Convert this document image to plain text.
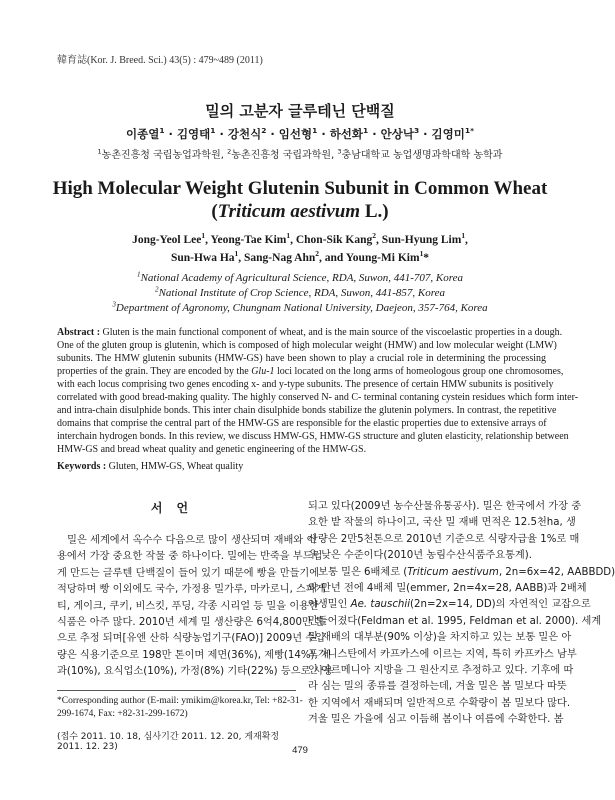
韓育誌(Kor. J. Breed. Sci.) 43(5) : 479~489 (2011)
밀의 고분자 글루테닌 단백질
이종열$^1$ · 김영태$^1$ · 강천식$^2$ · 임선형$^1$ · 하선화$^1$ · 안상낙$^3$ · 김영미$^{1*}$
$^1$농촌진흥청 국립농업과학원, $^2$농촌진흥청 국립과학원, $^3$충남대학교 농업생명과학대학 농학과
High Molecular Weight Glutenin Subunit in Common Wheat
(Triticum aestivum L.)
Jong-Yeol Lee$^1$, Yeong-Tae Kim$^1$, Chon-Sik Kang$^2$, Sun-Hyung Lim$^1$,
Sun-Hwa Ha$^1$, Sang-Nag Ahn$^2$, and Young-Mi Kim$^1$*
$^1$National Academy of Agricultural Science, RDA, Suwon, 441-707, Korea
$^2$National Institute of Crop Science, RDA, Suwon, 441-857, Korea
$^3$Department of Agronomy, Chungnam National University, Daejeon, 357-764, Korea
Abstract : Gluten is the main functional component of wheat, and is the main source of the viscoelastic properties in a dough.
One of the gluten group is glutenin, which is composed of high molecular weight (HMW) and low molecular weight (LMW)
subunits. The HMW glutenin subunits (HMW-GS) have been shown to play a crucial role in determining the processing
properties of the grain. They are encoded by the Glu-1 loci located on the long arms of homeologous group one chromosomes,
with each locus comprising two genes encoding x- and y-type subunits. The presence of certain HMW subunits is positively
correlated with good bread-making quality. The highly conserved N- and C- terminal contaning cystein residues which form inter-
and intra-chain disulphide bonds. This inter chain disulphide bonds stabilize the glutenin polymers. In contrast, the repetitive
domains that comprise the central part of the HMW-GS are responsible for the elastic properties due to extensive arrays of
interchain hydrogen bonds. In this review, we discuss HMW-GS, HMW-GS structure and gluten elasticity, relationship between
HMW-GS and bread wheat quality and genetic engineering of the HMW-GS.
Keywords : Gluten, HMW-GS, Wheat quality
서언
　밀은 세계에서 옥수수 다음으로 많이 생산되며 재배와 이
용에서 가장 중요한 작물 중 하나이다. 밀에는 반죽을 부드럽
게 만드는 글루텐 단백질이 들어 있기 때문에 빵을 만들기에
적당하며 빵 이외에도 국수, 가정용 밀가루, 마카로니, 스파게
티, 게이크, 쿠키, 비스킷, 푸딩, 각종 시리얼 등 밀을 이용한
식품은 아주 많다. 2010년 세계 밀 생산량은 6억4,800만 톤
으로 추정 되며[유엔 산하 식량농업기구(FAO)] 2009년 수입
량은 식용기준으로 198만 톤이며 제면(36%), 제빵(14%), 제
과(10%), 요식업소(10%), 가정(8%) 기타(22%) 등으로 사용
되고 있다(2009년 농수산물유통공사). 밀은 한국에서 가장 중
요한 밭 작물의 하나이고, 국산 밀 재배 면적은 12.5천ha, 생
산량은 2만5천톤으로 2010년 기준으로 식량자급율 1%로 매
우 낮은 수준이다(2010년 농림수산식품주요통계).
　보통 밀은 6배체로 (Triticum aestivum, 2n=6x=42, AABBDD)
약 만년 전에 4배체 밀(emmer, 2n=4x=28, AABB)과 2배체
야생밀인 Ae. tauschii(2n=2x=14, DD)의 자연적인 교잡으로
만들어졌다(Feldman et al. 1995, Feldman et al. 2000). 세계
밀 재배의 대부분(90% 이상)을 차지하고 있는 보통 밀은 아
프가니스탄에서 카프카스에 이르는 지역, 특히 카프카스 남부
인 아르메니아 지방을 그 원산지로 추정하고 있다. 기후에 따
라 심는 밀의 종류를 결정하는데, 겨울 밀은 봄 밀보다 따뜻
한 지역에서 재배되며 일반적으로 수확량이 봄 밀보다 많다.
겨울 밀은 가을에 심고 이듬해 봄이나 여름에 수확한다. 봄
*Corresponding author (E-mail: ymikim@korea.kr, Tel: +82-31-
299-1674, Fax: +82-31-299-1672)
(접수 2011. 10. 18, 심사기간 2011. 12. 20, 게재확정 2011. 12. 23)	479
